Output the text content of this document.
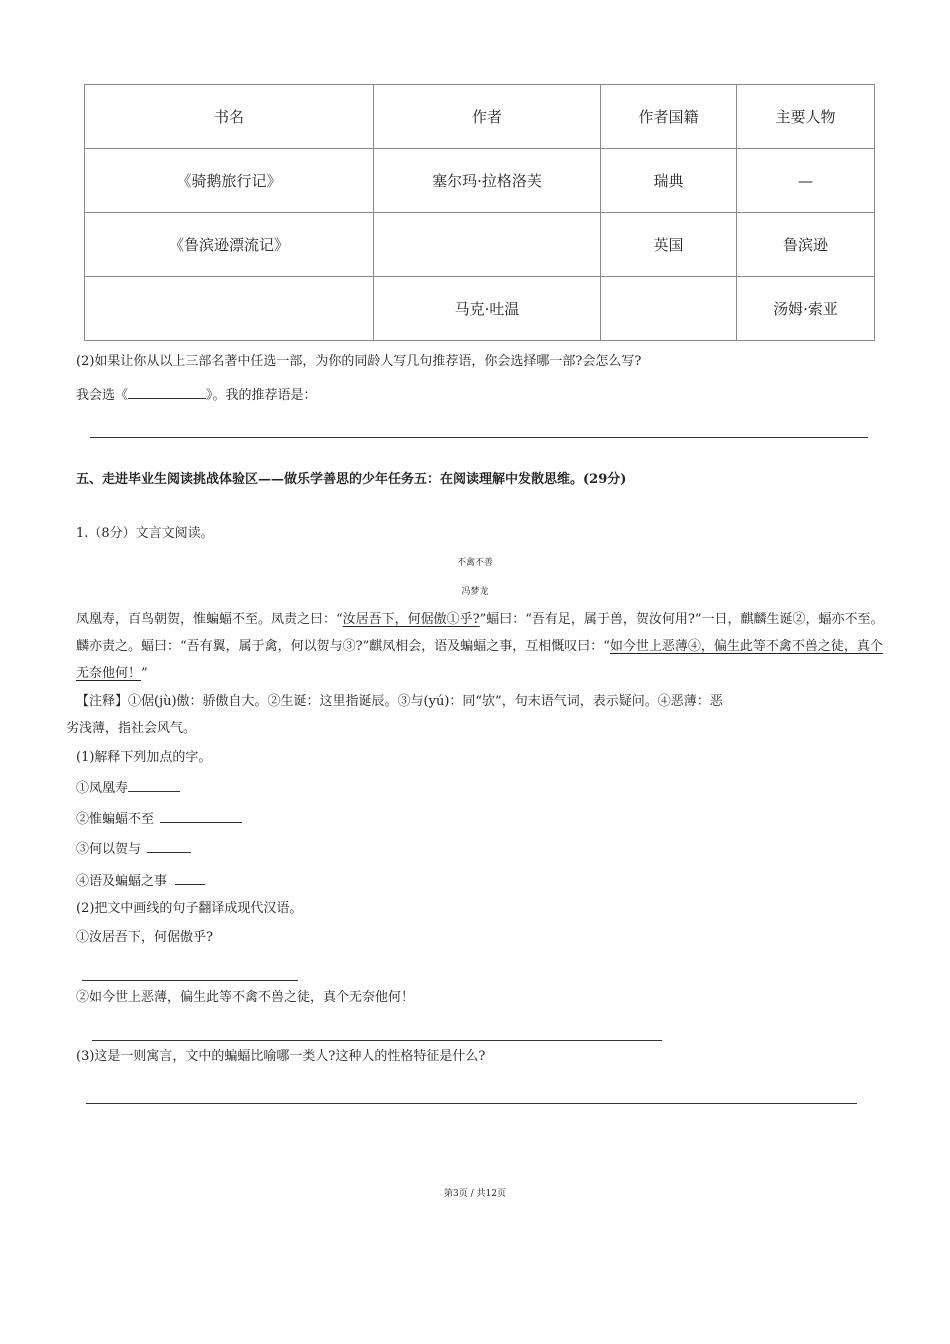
书名	作者	作者国籍	主要人物
《骑鹅旅行记》	塞尔玛·拉格洛芙	瑞典	—
《鲁滨逊漂流记》		英国	鲁滨逊
	马克·吐温		汤姆·索亚
(2)如果让你从以上三部名著中任选一部，为你的同龄人写几句推荐语，你会选择哪一部?会怎么写?
我会选《	》。我的推荐语是：
五、走进毕业生阅读挑战体验区——做乐学善思的少年任务五：在阅读理解中发散思维。(29分)
1.（8分）文言文阅读。
不禽不善
冯梦龙
凤凰寿，百鸟朝贺，惟蝙蝠不至。凤责之曰：“汝居吾下，何倨傲①乎?”蝠曰：“吾有足，属于兽，贺汝何用?”一日，麒麟生诞②，蝠亦不至。
麟亦责之。蝠曰：“吾有翼，属于禽，何以贺与③?”麒凤相会，语及蝙蝠之事，互相慨叹曰：“如今世上恶薄④，偏生此等不禽不兽之徒，真个
无奈他何！”
【注释】①倨(jù)傲：骄傲自大。②生诞：这里指诞辰。③与(yú)：同“欤”，句末语气词，表示疑问。④恶薄：恶
劣浅薄，指社会风气。
(1)解释下列加点的字。
①凤凰寿
②惟蝙蝠不至
③何以贺与
④语及蝙蝠之事
(2)把文中画线的句子翻译成现代汉语。
①汝居吾下，何倨傲乎?
②如今世上恶薄，偏生此等不禽不兽之徒，真个无奈他何！
(3)这是一则寓言，文中的蝙蝠比喻哪一类人?这种人的性格特征是什么?
第3页 / 共12页
